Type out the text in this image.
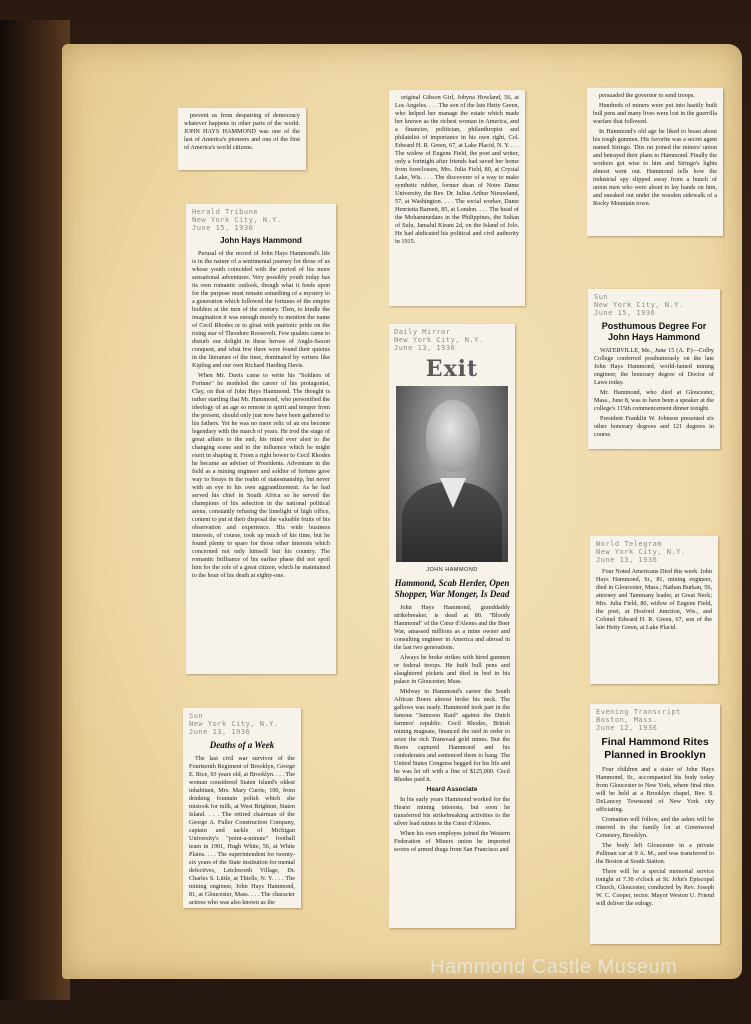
prevent us from despairing of democracy whatever happens in other parts of the world. JOHN HAYS HAMMOND was one of the last of America's pioneers and one of the first of America's world citizens.

Herald Tribune
New York City, N.Y.
June 15, 1936
John Hays Hammond

Perusal of the record of John Hays Hammond's life is in the nature of a sentimental journey for those of us whose youth coincided with the period of his more sensational adventures. Very possibly youth today has its own romantic outlook, though what it feeds upon for the purpose must remain something of a mystery to a generation which followed the fortunes of the empire builders at the turn of the century. Then, to kindle the imagination it was enough merely to mention the name of Cecil Rhodes or to gloat with patriotic pride on the rising star of Theodore Roosevelt. Few qualms came to disturb our delight in these heroes of Anglo-Saxon conquest, and what few there were found their quietus in the literature of the time, dominated by writers like Kipling and our own Richard Harding Davis.

When Mr. Davis came to write his "Soldiers of Fortune" he modeled the career of his protagonist, Clay, on that of John Hays Hammond. The thought is rather startling that Mr. Hammond, who personified the ideology of an age so remote in spirit and temper from the present, should only just now have been gathered to his fathers. Yet he was no mere relic of an era become legendary with the march of years. He trod the stage of great affairs to the end, his mind ever alert to the changing scene and to the influence which he might exert in shaping it. From a right bower to Cecil Rhodes he became an adviser of Presidents. Adventure in the field as a mining engineer and soldier of fortune gave way to forays in the realm of statesmanship, but never with an eye to his own aggrandizement. As he had served his chief in South Africa so he served the champions of his selection in the national political arena, constantly refusing the limelight of high office, content to put at their disposal the valuable fruits of his observation and experience. His wide business interests, of course, took up much of his time, but he found plenty to spare for those other interests which concerned not only himself but his country. The romantic brilliance of his earlier phase did not spoil him for the role of a great citizen, which he maintained to the hour of his death at eighty-one.

Sun
New York City, N.Y.
June 13, 1936
Deaths of a Week

The last civil war survivor of the Fourteenth Regiment of Brooklyn, George E. Rice, 93 years old, at Brooklyn. . . . The woman considered Staten Island's oldest inhabitant, Mrs. Mary Currie, 100, from drinking fountain polish which she mistook for milk, at West Brighton, Staten Island. . . . The retired chairman of the George A. Fuller Construction Company, captain and tackle of Michigan University's "point-a-minute" football team in 1901, Hugh White, 56, at White Plains. . . . The superintendent for twenty-six years of the State institution for mental defectives, Letchworth Village, Dr. Charles S. Little, at Thiells, N. Y. . . . The mining engineer, John Hays Hammond, 81, at Gloucester, Mass. . . . The character actress who was also known as the

original Gibson Girl, Jobyna Howland, 56, at Los Angeles. . . . The son of the late Hetty Green, who helped her manage the estate which made her known as the richest woman in America, and a financier, politician, philanthropist and philatelist of importance in his own right, Col. Edward H. R. Green, 67, at Lake Placid, N. Y. . . . The widow of Eugene Field, the poet and writer, only a fortnight after friends had saved her home from foreclosure, Mrs. Julia Field, 80, at Crystal Lake, Wis. . . . The discoverer of a way to make synthetic rubber, former dean of Notre Dame University, the Rev. Dr. Julius Arthur Nieuwland, 57, at Washington. . . . The social worker, Dame Henrietta Barnett, 85, at London. . . . The head of the Mohammedans in the Philippines, the Sultan of Sulu, Jamalul Kiram 2d, on the Island of Jolo. He had abdicated his political and civil authority in 1915.

Daily Mirror
New York City, N.Y.
June 13, 1936
Exit
JOHN HAMMOND
Hammond, Scab Herder, Open Shopper, War Monger, Is Dead

John Hays Hammond, granddaddy strikebreaker, is dead at 80. "Bloody Hammond" of the Cœur d'Alenes and the Boer War, amassed millions as a mine owner and consulting engineer in America and abroad in the last two generations.

Always he broke strikes with hired gunmen or federal troops. He built bull pens and slaughtered pickets and died in bed in his palace in Gloucester, Mass.

Midway in Hammond's career the South African Boers almost broke his neck. The gallows was ready. Hammond took part in the famous "Jameson Raid" against the Dutch farmers' republic. Cecil Rhodes, British mining magnate, financed the raid in order to seize the rich Transvaal gold mines. But the Boers captured Hammond and his confederates and sentenced them to hang. The United States Congress begged for his life and he was let off with a fine of $125,000. Cecil Rhodes paid it.

Heard Associate

In his early years Hammond worked for the Hearst mining interests, but soon he transferred his strikebreaking activities to the silver lead mines in the Cœur d'Alenes.

When his own employes joined the Western Federation of Miners union he imported scores of armed thugs from San Francisco and

persuaded the governor to send troops.

Hundreds of miners were put into hastily built bull pens and many lives were lost in the guerrilla warfare that followed.

In Hammond's old age he liked to boast about his tough gunmen. His favorite was a secret agent named Siringo. This rat joined the miners' union and betrayed their plans to Hammond. Finally the workers got wise to him and Siringo's lights almost went out. Hammond tells how the industrial spy slipped away from a bunch of union men who were about to lay hands on him, and sneaked out under the wooden sidewalk of a Rocky Mountain town.

Sun
New York City, N.Y.
June 15, 1936
Posthumous Degree For John Hays Hammond

WATERVILLE, Me., June 15 (A. P.)—Colby College conferred posthumously on the late John Hays Hammond, world-famed mining engineer, the honorary degree of Doctor of Laws today.

Mr. Hammond, who died at Gloucester, Mass., June 8, was to have been a speaker at the college's 115th commencement dinner tonight.

President Franklin W. Johnson presented six other honorary degrees and 121 degrees in course.

World Telegram
New York City, N.Y.
June 13, 1936

Four Noted Americans Died this week. John Hays Hammond, Sr., 81, mining engineer, died in Gloucester, Mass.; Nathan Burkan, 56, attorney and Tammany leader, at Great Neck; Mrs. Julia Field, 80, widow of Eugene Field, the poet, at Hosford Junction, Wis., and Colonel Edward H. R. Green, 67, son of the late Hetty Green, at Lake Placid.

Evening Transcript
Boston, Mass.
June 12, 1936
Final Hammond Rites Planned in Brooklyn

Four children and a sister of John Hays Hammond, Sr., accompanied his body today from Gloucester to New York, where final rites will be held at a Brooklyn chapel, Rev. S. DeLancey Townsend of New York city officiating.

Cremation will follow, and the ashes will be interred in the family lot at Greenwood Cemetery, Brooklyn.

The body left Gloucester in a private Pullman car at 9 A. M., and was transferred to the Boston at South Station.

There will be a special memorial service tonight at 7.30 o'clock at St. John's Episcopal Church, Gloucester, conducted by Rev. Joseph W. C. Cooper, rector. Mayor Weston U. Friend will deliver the eulogy.

Hammond Castle Museum
